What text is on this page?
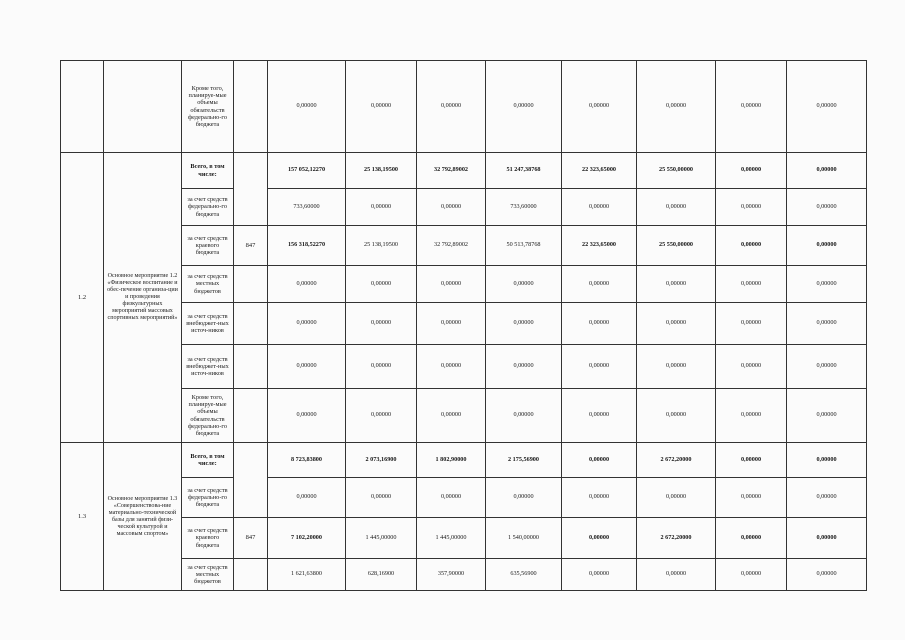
		Кроме того, планируе-мые объемы обязательств федерально-го бюджета		0,00000	0,00000	0,00000	0,00000	0,00000	0,00000	0,00000	0,00000
1.2	Основное мероприятие 1.2 «Физическое воспитание и обес-печение организа-ции и проведения физкультурных мероприятий массовых спортивных мероприятий»	Всего, в том числе:		157 052,12270	25 138,19500	32 792,89002	51 247,38768	22 323,65000	25 550,00000	0,00000	0,00000
		за счет средств федерально-го бюджета		733,60000	0,00000	0,00000	733,60000	0,00000	0,00000	0,00000	0,00000
		за счет средств краевого бюджета	847	156 318,52270	25 138,19500	32 792,89002	50 513,78768	22 323,65000	25 550,00000	0,00000	0,00000
		за счет средств местных бюджетов		0,00000	0,00000	0,00000	0,00000	0,00000	0,00000	0,00000	0,00000
		за счет средств внебюджет-ных источ-ников		0,00000	0,00000	0,00000	0,00000	0,00000	0,00000	0,00000	0,00000
		за счет средств внебюджет-ных источ-ников		0,00000	0,00000	0,00000	0,00000	0,00000	0,00000	0,00000	0,00000
		Кроме того, планируе-мые объемы обязательств федерально-го бюджета		0,00000	0,00000	0,00000	0,00000	0,00000	0,00000	0,00000	0,00000
1.3	Основное мероприятие 1.3 «Совершенствова-ние материально-технической базы для занятий физи-ческой культурой и массовым спортом»	Всего, в том числе:		8 723,83800	2 073,16900	1 802,90000	2 175,56900	0,00000	2 672,20000	0,00000	0,00000
		за счет средств федерально-го бюджета		0,00000	0,00000	0,00000	0,00000	0,00000	0,00000	0,00000	0,00000
		за счет средств краевого бюджета	847	7 102,20000	1 445,00000	1 445,00000	1 540,00000	0,00000	2 672,20000	0,00000	0,00000
		за счет средств местных бюджетов		1 621,63800	628,16900	357,90000	635,56900	0,00000	0,00000	0,00000	0,00000
